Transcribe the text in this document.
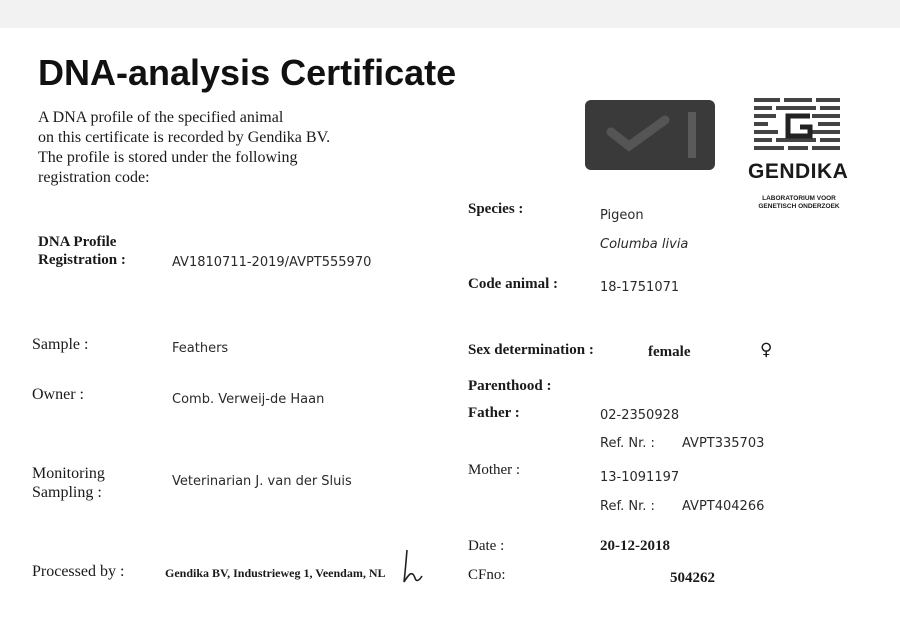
DNA-analysis Certificate
A DNA profile of the specified animal
on this certificate is recorded by Gendika BV.
The profile is stored under the following
registration code:	GENDIKA
LABORATORIUM VOOR
GENETISCH ONDERZOEK
DNA Profile
Registration :	AV1810711-2019/AVPT555970
Sample :	Feathers
Owner :	Comb. Verweij-de Haan
Monitoring
Sampling :
Veterinarian J. van der Sluis
Processed by :	Gendika BV, Industrieweg 1, Veendam, NL
Species :	Pigeon
Columba livia
Code animal :	18-1751071
Sex determination :	female	♀
Parenthood :
Father :	02-2350928
Ref. Nr. : AVPT335703
Mother :	13-1091197
Ref. Nr. : AVPT404266
Date :	20-12-2018
CFno:	504262
